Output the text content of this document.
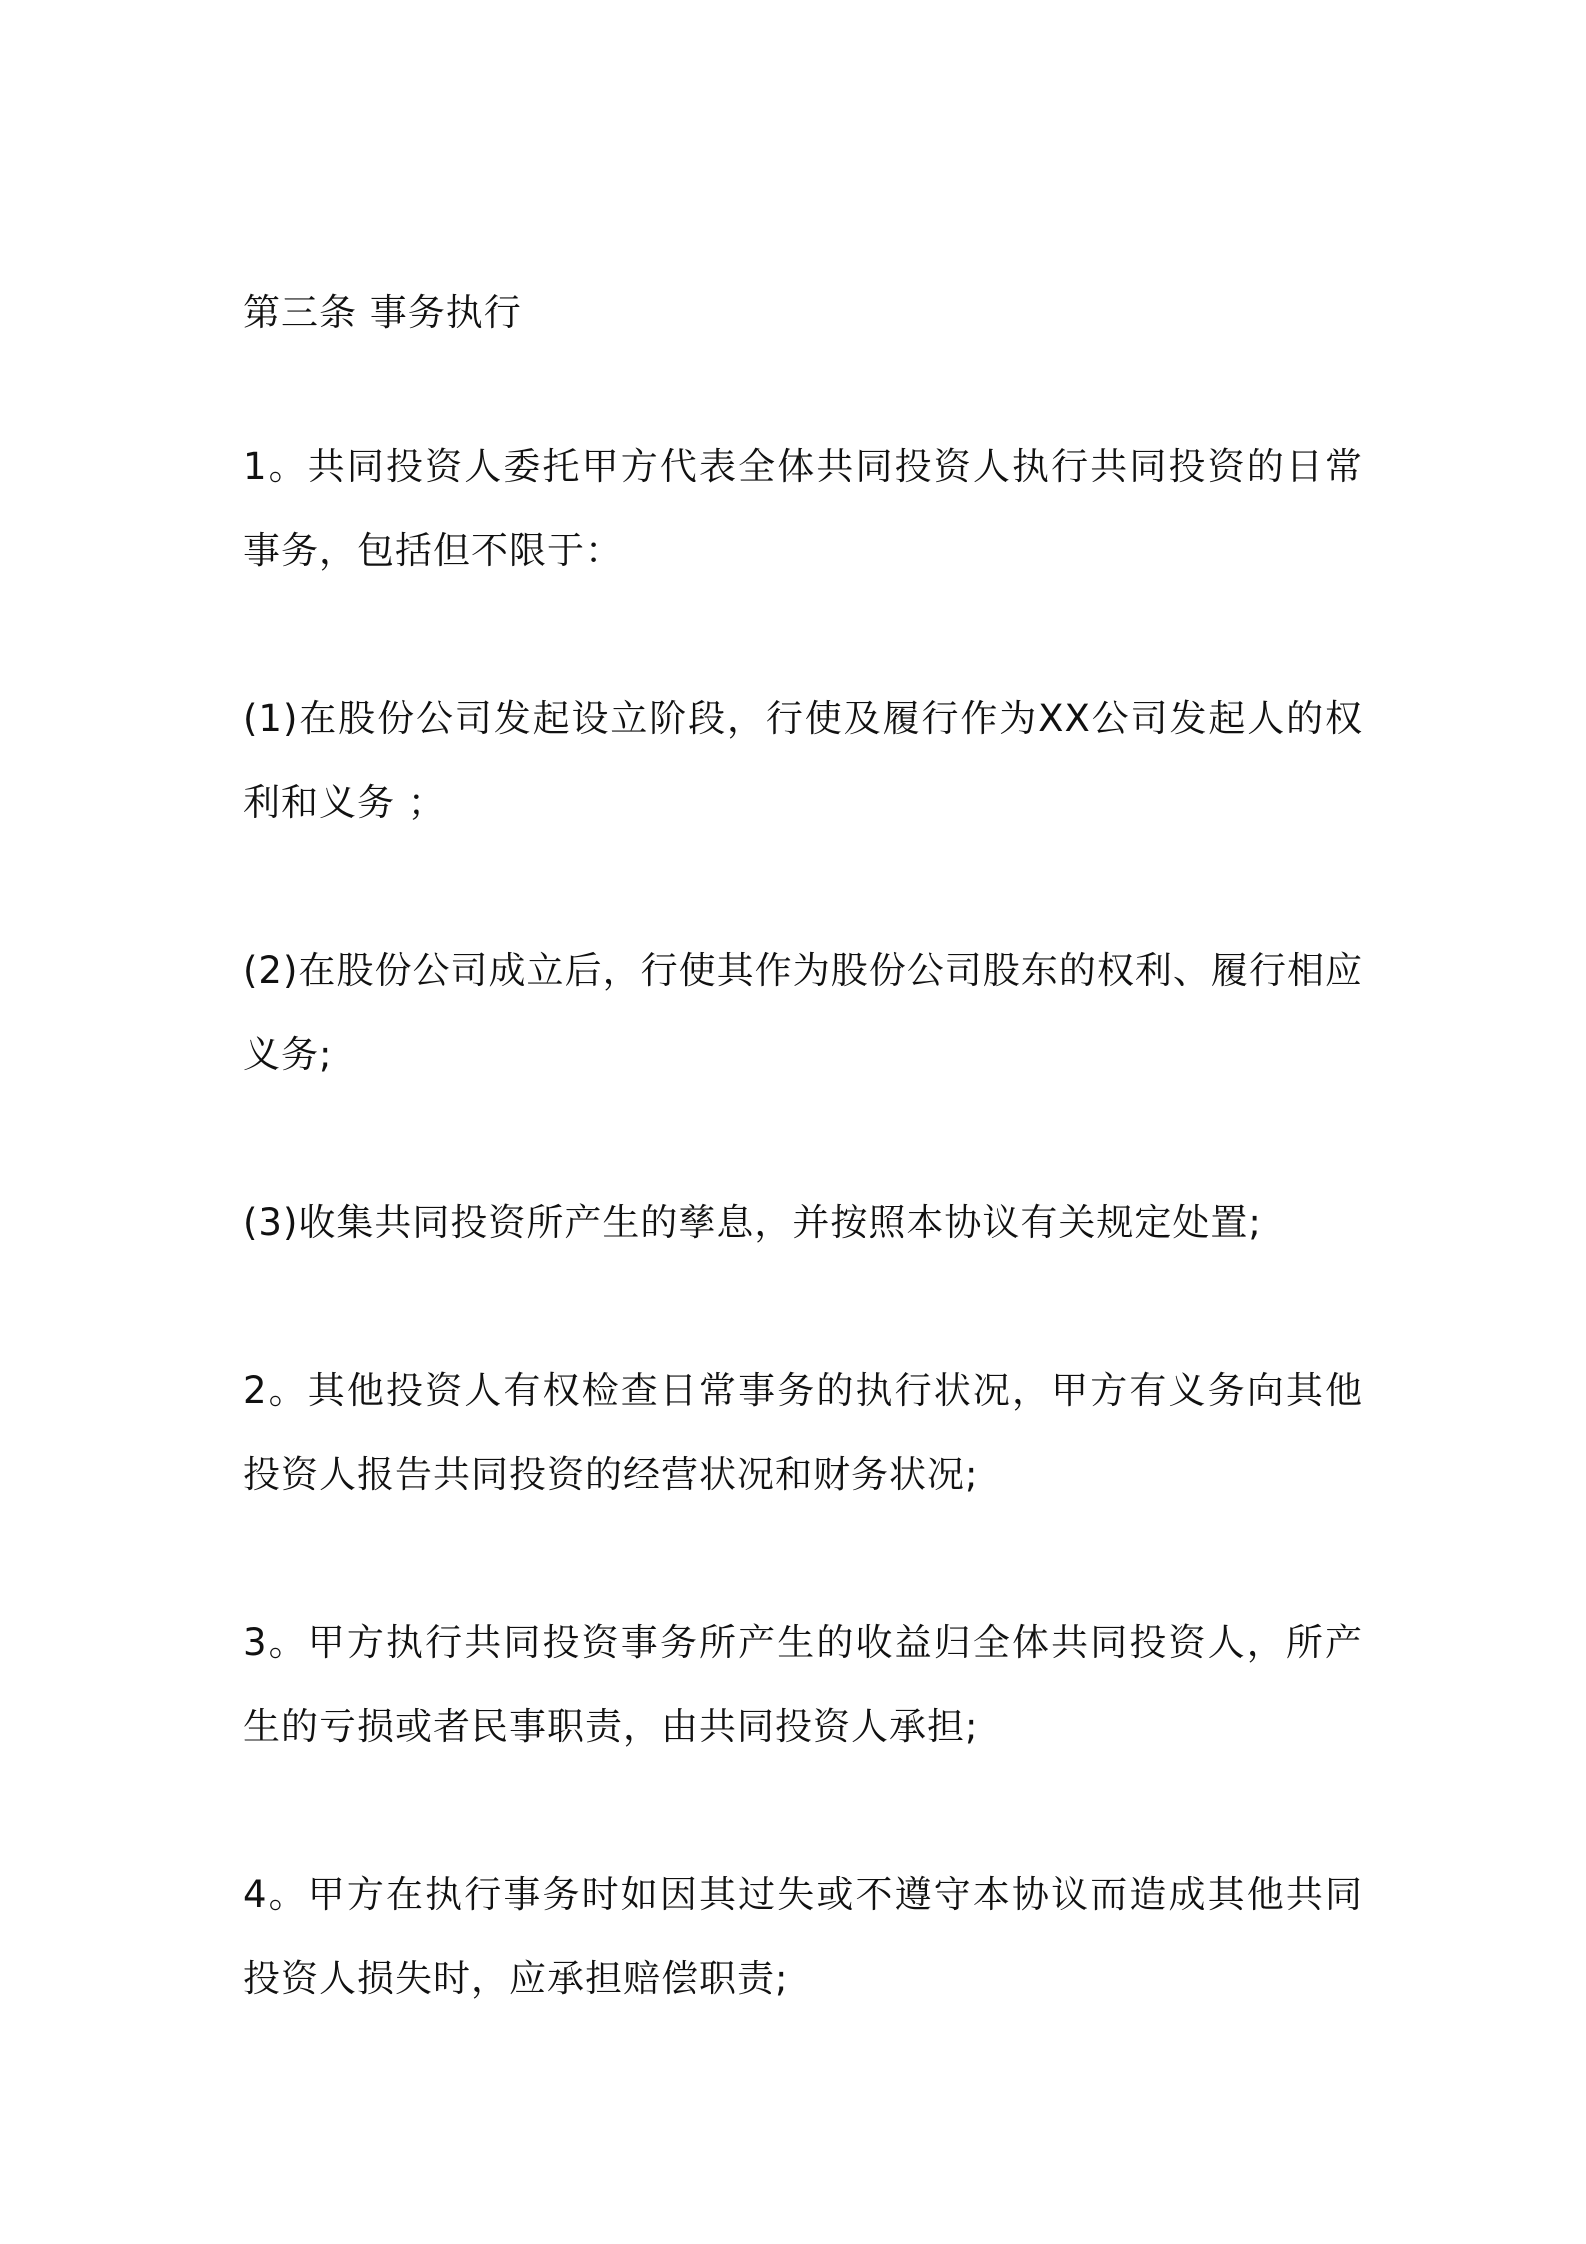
第三条 事务执行

1。共同投资人委托甲方代表全体共同投资人执行共同投资的日常事务，包括但不限于：

(1)在股份公司发起设立阶段，行使及履行作为XX公司发起人的权利和义务 ；

(2)在股份公司成立后，行使其作为股份公司股东的权利、履行相应义务;

(3)收集共同投资所产生的孳息，并按照本协议有关规定处置;

2。其他投资人有权检查日常事务的执行状况，甲方有义务向其他投资人报告共同投资的经营状况和财务状况;

3。甲方执行共同投资事务所产生的收益归全体共同投资人，所产生的亏损或者民事职责，由共同投资人承担;

4。甲方在执行事务时如因其过失或不遵守本协议而造成其他共同投资人损失时，应承担赔偿职责;
